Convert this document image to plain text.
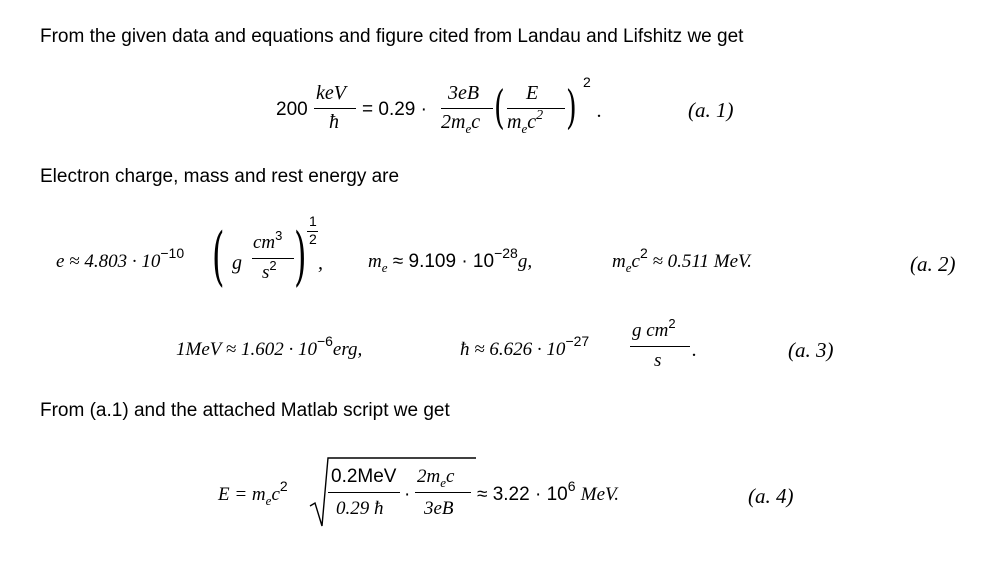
From the given data and equations and figure cited from Landau and Lifshitz we get
200
keV
ħ
= 0.29 ·
3eB
$2m_ec$ ( E
$m_ec^2$ ) 2
.	(a. 1)
Electron charge, mass and rest energy are
$e \approx 4.803 \cdot 10^{-10}$ ( g
$cm^3$
$s^2$ ) 1
2
, $m_e \approx 9.109 \cdot 10^{-28}g$,	$m_ec^2 \approx 0.511$ MeV.	(a. 2)
$1MeV \approx 1.602 \cdot 10^{-6}erg$,	ħ ≈ $6.626 \cdot 10^{-27}$ g $cm^2$
s .	(a. 3)
From (a.1) and the attached Matlab script we get
$E = m_ec^2$ 0.2MeV
0.29 ħ
·
$2m_ec$
3eB
≈ $3.22 \cdot 10^6$ MeV.	(a. 4)
